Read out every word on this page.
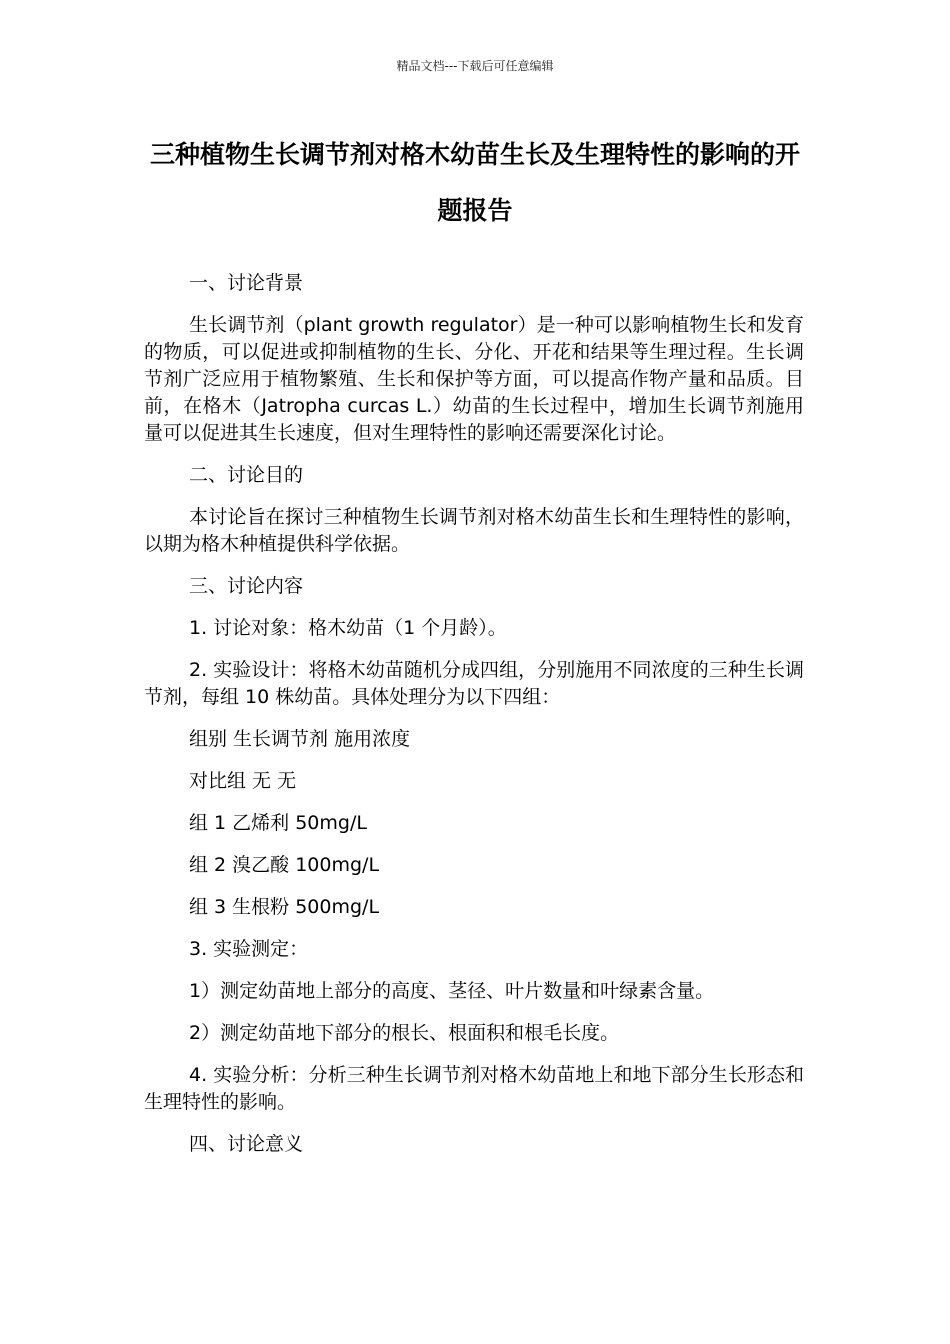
精品文档---下载后可任意编辑
三种植物生长调节剂对格木幼苗生长及生理特性的影响的开题报告

一、讨论背景

生长调节剂（plant growth regulator）是一种可以影响植物生长和发育的物质，可以促进或抑制植物的生长、分化、开花和结果等生理过程。生长调节剂广泛应用于植物繁殖、生长和保护等方面，可以提高作物产量和品质。目前，在格木（Jatropha curcas L.）幼苗的生长过程中，增加生长调节剂施用量可以促进其生长速度，但对生理特性的影响还需要深化讨论。

二、讨论目的

本讨论旨在探讨三种植物生长调节剂对格木幼苗生长和生理特性的影响，以期为格木种植提供科学依据。

三、讨论内容

1. 讨论对象：格木幼苗（1 个月龄）。

2. 实验设计：将格木幼苗随机分成四组，分别施用不同浓度的三种生长调节剂，每组 10 株幼苗。具体处理分为以下四组：

组别 生长调节剂 施用浓度

对比组 无 无

组 1 乙烯利 50mg/L

组 2 溴乙酸 100mg/L

组 3 生根粉 500mg/L

3. 实验测定：

1）测定幼苗地上部分的高度、茎径、叶片数量和叶绿素含量。

2）测定幼苗地下部分的根长、根面积和根毛长度。

4. 实验分析：分析三种生长调节剂对格木幼苗地上和地下部分生长形态和生理特性的影响。

四、讨论意义
